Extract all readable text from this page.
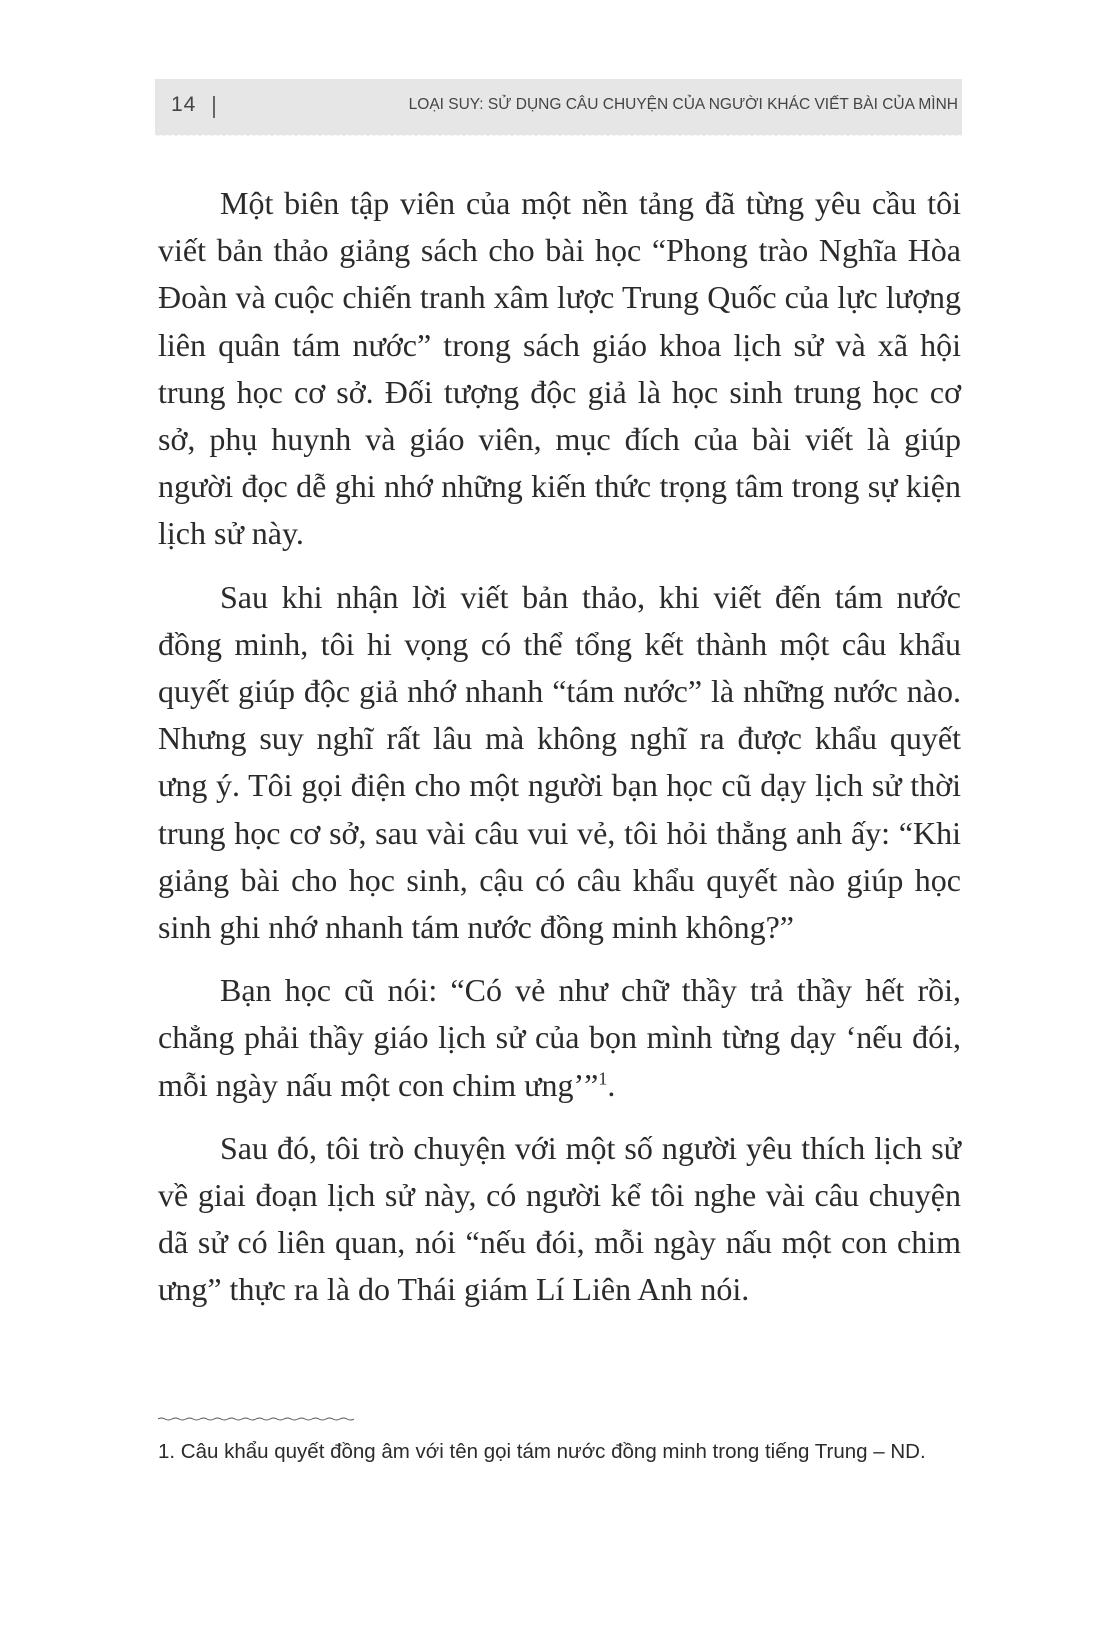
14	LOẠI SUY: SỬ DỤNG CÂU CHUYỆN CỦA NGƯỜI KHÁC VIẾT BÀI CỦA MÌNH

Một biên tập viên của một nền tảng đã từng yêu cầu tôi viết bản thảo giảng sách cho bài học “Phong trào Nghĩa Hòa Đoàn và cuộc chiến tranh xâm lược Trung Quốc của lực lượng liên quân tám nước” trong sách giáo khoa lịch sử và xã hội trung học cơ sở. Đối tượng độc giả là học sinh trung học cơ sở, phụ huynh và giáo viên, mục đích của bài viết là giúp người đọc dễ ghi nhớ những kiến thức trọng tâm trong sự kiện lịch sử này.

Sau khi nhận lời viết bản thảo, khi viết đến tám nước đồng minh, tôi hi vọng có thể tổng kết thành một câu khẩu quyết giúp độc giả nhớ nhanh “tám nước” là những nước nào. Nhưng suy nghĩ rất lâu mà không nghĩ ra được khẩu quyết ưng ý. Tôi gọi điện cho một người bạn học cũ dạy lịch sử thời trung học cơ sở, sau vài câu vui vẻ, tôi hỏi thẳng anh ấy: “Khi giảng bài cho học sinh, cậu có câu khẩu quyết nào giúp học sinh ghi nhớ nhanh tám nước đồng minh không?”

Bạn học cũ nói: “Có vẻ như chữ thầy trả thầy hết rồi, chẳng phải thầy giáo lịch sử của bọn mình từng dạy ‘nếu đói, mỗi ngày nấu một con chim ưng’”$^1$.

Sau đó, tôi trò chuyện với một số người yêu thích lịch sử về giai đoạn lịch sử này, có người kể tôi nghe vài câu chuyện dã sử có liên quan, nói “nếu đói, mỗi ngày nấu một con chim ưng” thực ra là do Thái giám Lí Liên Anh nói.

1. Câu khẩu quyết đồng âm với tên gọi tám nước đồng minh trong tiếng Trung – ND.
